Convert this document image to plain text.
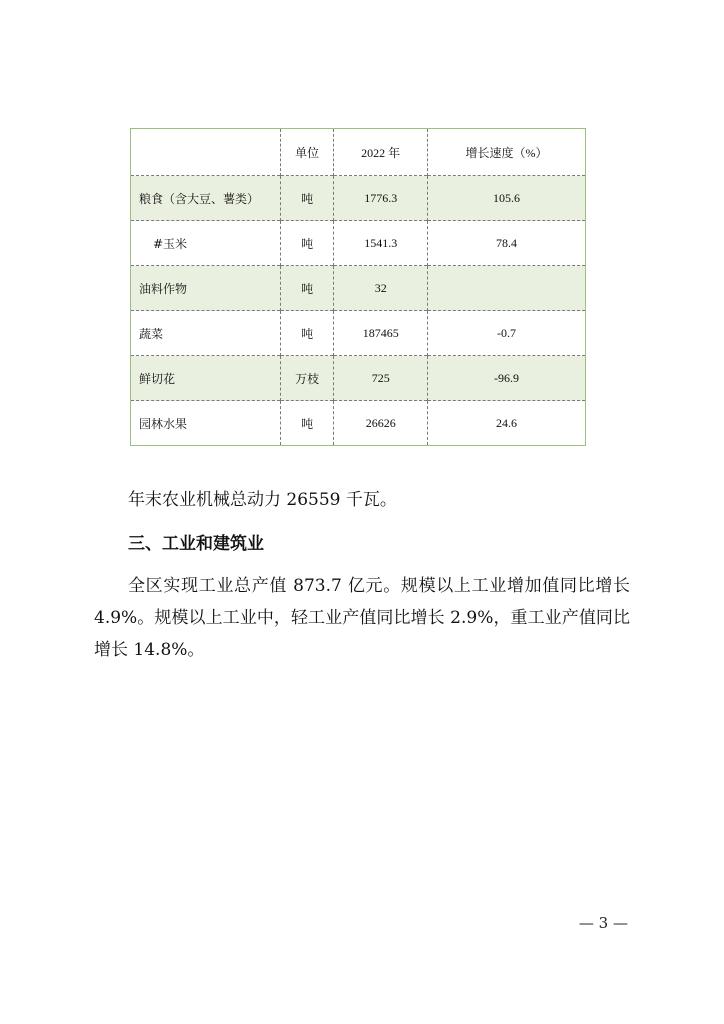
	单位	2022 年	增长速度（%）
粮食（含大豆、薯类）	吨	1776.3	105.6
#玉米	吨	1541.3	78.4
油料作物	吨	32	
蔬菜	吨	187465	-0.7
鲜切花	万枝	725	-96.9
园林水果	吨	26626	24.6

年末农业机械总动力 26559 千瓦。

三、工业和建筑业

全区实现工业总产值 873.7 亿元。规模以上工业增加值同比增长 4.9%。规模以上工业中，轻工业产值同比增长 2.9%，重工业产值同比增长 14.8%。

— 3 —
